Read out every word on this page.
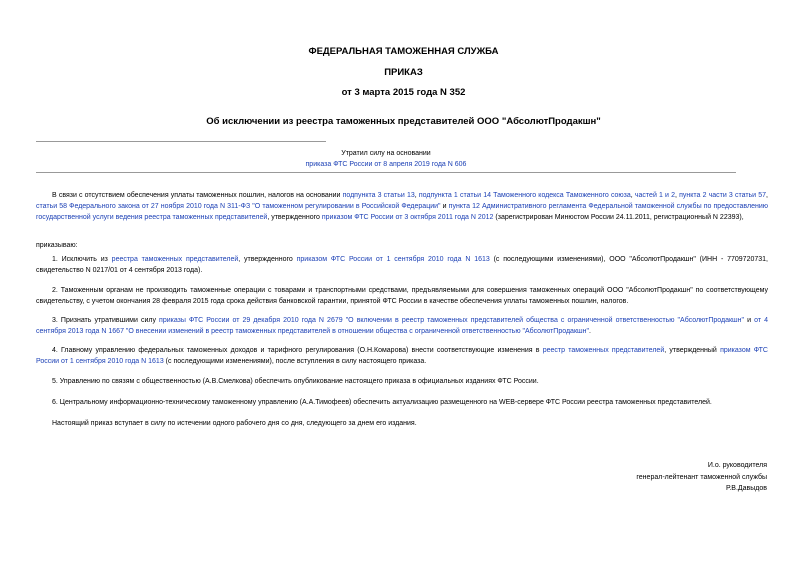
ФЕДЕРАЛЬНАЯ ТАМОЖЕННАЯ СЛУЖБА
ПРИКАЗ
от 3 марта 2015 года N 352
Об исключении из реестра таможенных представителей ООО "АбсолютПродакшн"
Утратил силу на основании
приказа ФТС России от 8 апреля 2019 года N 606
В связи с отсутствием обеспечения уплаты таможенных пошлин, налогов на основании подпункта 3 статьи 13, подпункта 1 статьи 14 Таможенного кодекса Таможенного союза, частей 1 и 2, пункта 2 части 3 статьи 57, статьи 58 Федерального закона от 27 ноября 2010 года N 311-ФЗ "О таможенном регулировании в Российской Федерации" и пункта 12 Административного регламента Федеральной таможенной службы по предоставлению государственной услуги ведения реестра таможенных представителей, утвержденного приказом ФТС России от 3 октября 2011 года N 2012 (зарегистрирован Минюстом России 24.11.2011, регистрационный N 22393),
приказываю:
1. Исключить из реестра таможенных представителей, утвержденного приказом ФТС России от 1 сентября 2010 года N 1613 (с последующими изменениями), ООО "АбсолютПродакшн" (ИНН - 7709720731, свидетельство N 0217/01 от 4 сентября 2013 года).
2. Таможенным органам не производить таможенные операции с товарами и транспортными средствами, предъявляемыми для совершения таможенных операций ООО "АбсолютПродакшн" по соответствующему свидетельству, с учетом окончания 28 февраля 2015 года срока действия банковской гарантии, принятой ФТС России в качестве обеспечения уплаты таможенных пошлин, налогов.
3. Признать утратившими силу приказы ФТС России от 29 декабря 2010 года N 2679 "О включении в реестр таможенных представителей общества с ограниченной ответственностью "АбсолютПродакшн" и от 4 сентября 2013 года N 1667 "О внесении изменений в реестр таможенных представителей в отношении общества с ограниченной ответственностью "АбсолютПродакшн".
4. Главному управлению федеральных таможенных доходов и тарифного регулирования (О.Н.Комарова) внести соответствующие изменения в реестр таможенных представителей, утвержденный приказом ФТС России от 1 сентября 2010 года N 1613 (с последующими изменениями), после вступления в силу настоящего приказа.
5. Управлению по связям с общественностью (А.В.Смелкова) обеспечить опубликование настоящего приказа в официальных изданиях ФТС России.
6. Центральному информационно-техническому таможенному управлению (А.А.Тимофеев) обеспечить актуализацию размещенного на WEB-сервере ФТС России реестра таможенных представителей.
Настоящий приказ вступает в силу по истечении одного рабочего дня со дня, следующего за днем его издания.
И.о. руководителя
генерал-лейтенант таможенной службы
Р.В.Давыдов
